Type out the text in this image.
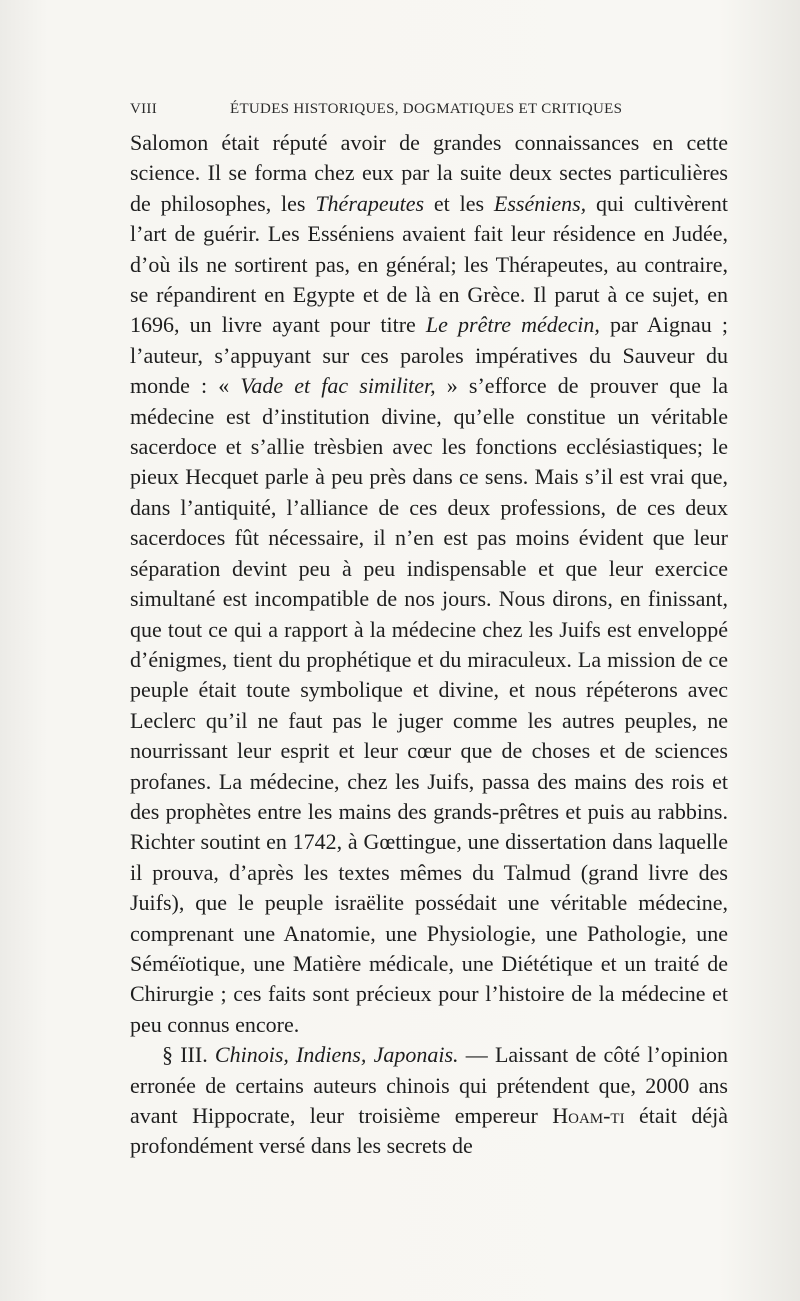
VIII	ÉTUDES HISTORIQUES, DOGMATIQUES ET CRITIQUES

Salomon était réputé avoir de grandes connaissances en cette science. Il se forma chez eux par la suite deux sectes particulières de philosophes, les Thérapeutes et les Esséniens, qui cultivèrent l’art de guérir. Les Esséniens avaient fait leur résidence en Judée, d’où ils ne sortirent pas, en général; les Thérapeutes, au contraire, se répandirent en Egypte et de là en Grèce. Il parut à ce sujet, en 1696, un livre ayant pour titre Le prêtre médecin, par Aignau ; l’auteur, s’appuyant sur ces paroles impératives du Sauveur du monde : « Vade et fac similiter, » s’efforce de prouver que la médecine est d’institution divine, qu’elle constitue un véritable sacerdoce et s’allie trèsbien avec les fonctions ecclésiastiques; le pieux Hecquet parle à peu près dans ce sens. Mais s’il est vrai que, dans l’antiquité, l’alliance de ces deux professions, de ces deux sacerdoces fût nécessaire, il n’en est pas moins évident que leur séparation devint peu à peu indispensable et que leur exercice simultané est incompatible de nos jours. Nous dirons, en finissant, que tout ce qui a rapport à la médecine chez les Juifs est enveloppé d’énigmes, tient du prophétique et du miraculeux. La mission de ce peuple était toute symbolique et divine, et nous répéterons avec Leclerc qu’il ne faut pas le juger comme les autres peuples, ne nourrissant leur esprit et leur cœur que de choses et de sciences profanes. La médecine, chez les Juifs, passa des mains des rois et des prophètes entre les mains des grands-prêtres et puis au rabbins. Richter soutint en 1742, à Gœttingue, une dissertation dans laquelle il prouva, d’après les textes mêmes du Talmud (grand livre des Juifs), que le peuple israëlite possédait une véritable médecine, comprenant une Anatomie, une Physiologie, une Pathologie, une Séméïotique, une Matière médicale, une Diététique et un traité de Chirurgie ; ces faits sont précieux pour l’histoire de la médecine et peu connus encore.

§ III. Chinois, Indiens, Japonais. — Laissant de côté l’opinion erronée de certains auteurs chinois qui prétendent que, 2000 ans avant Hippocrate, leur troisième empereur Hoam-ti était déjà profondément versé dans les secrets de
